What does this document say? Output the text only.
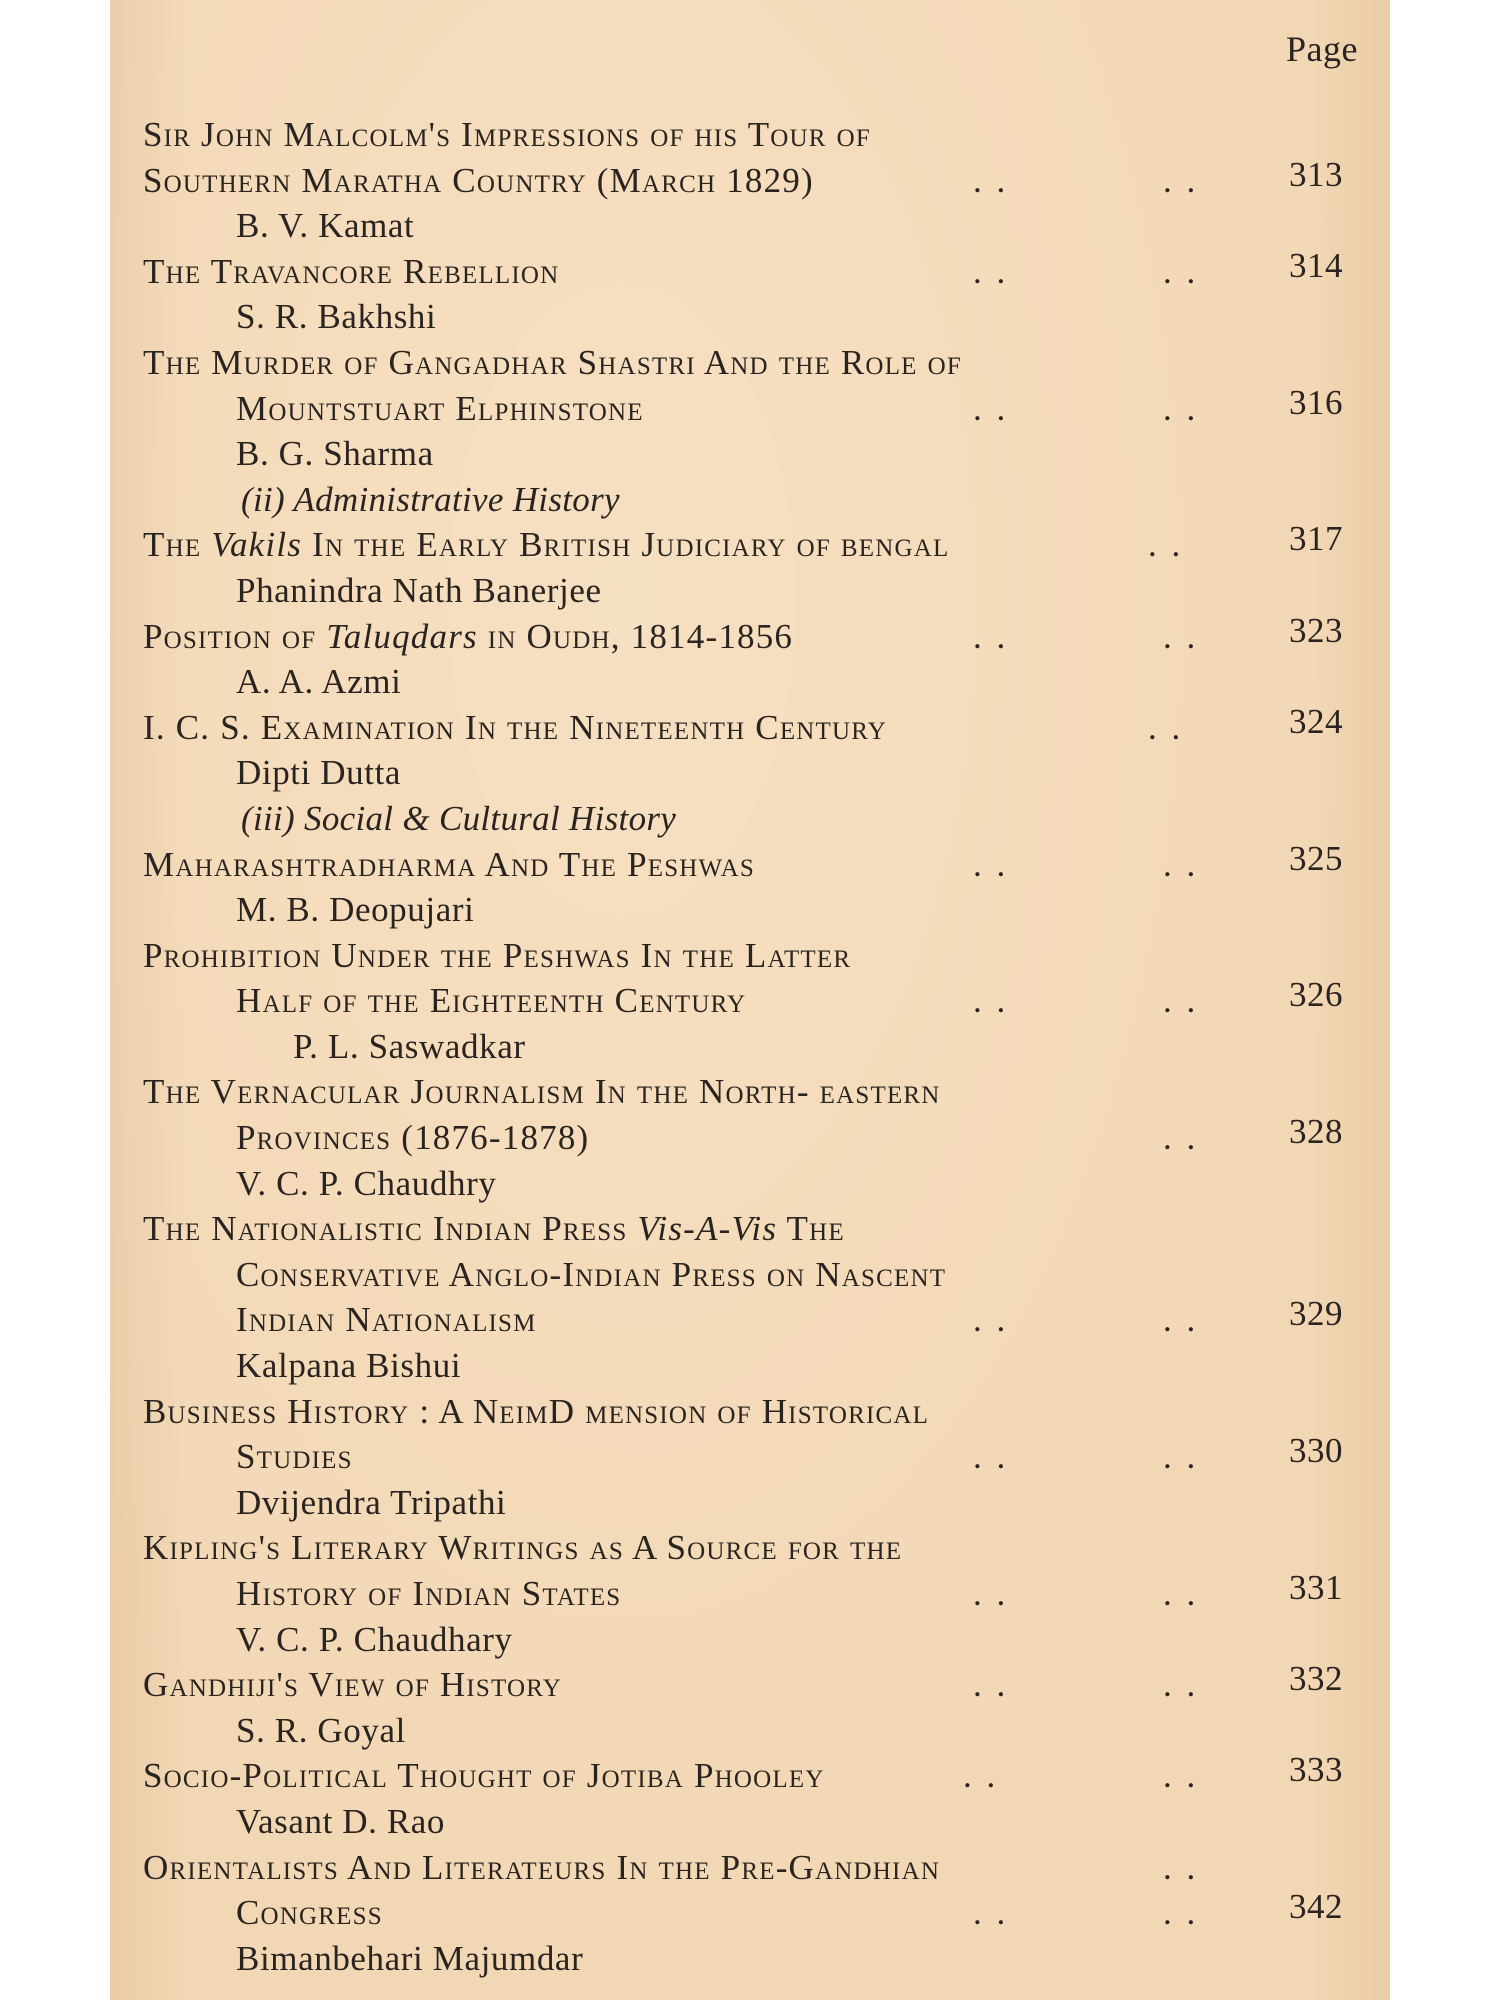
Page
Sir John Malcolm's Impressions of his Tour of
Southern Maratha Country (March 1829)	. .	. .	313
B. V. Kamat
The Travancore Rebellion	. .	. .	314
S. R. Bakhshi
The Murder of Gangadhar Shastri And the Role of
Mountstuart Elphinstone	. .	. .	316
B. G. Sharma
(ii) Administrative History
The Vakils In the Early British Judiciary of bengal	. .	317
Phanindra Nath Banerjee
Position of Taluqdars in Oudh, 1814-1856	. .	. .	323
A. A. Azmi
I. C. S. Examination In the Nineteenth Century	. .	324
Dipti Dutta
(iii) Social & Cultural History
Maharashtradharma And The Peshwas	. .	. .	325
M. B. Deopujari
Prohibition Under the Peshwas In the Latter
Half of the Eighteenth Century	. .	. .	326
P. L. Saswadkar
The Vernacular Journalism In the North- eastern
Provinces (1876-1878)	. .	328
V. C. P. Chaudhry
The Nationalistic Indian Press Vis-A-Vis The
Conservative Anglo-Indian Press on Nascent
Indian Nationalism	. .	. .	329
Kalpana Bishui
Business History : A NeiмD mension of Historical
Studies	. .	. .	330
Dvijendra Tripathi
Kipling's Literary Writings as A Source for the
History of Indian States	. .	. .	331
V. C. P. Chaudhary
Gandhiji's View of History	. .	. .	332
S. R. Goyal
Socio-Political Thought of Jotiba Phooley	. .	. .	333
Vasant D. Rao
Orientalists And Literateurs In the Pre-Gandhian	. .
Congress	. .	. .	342
Bimanbehari Majumdar
